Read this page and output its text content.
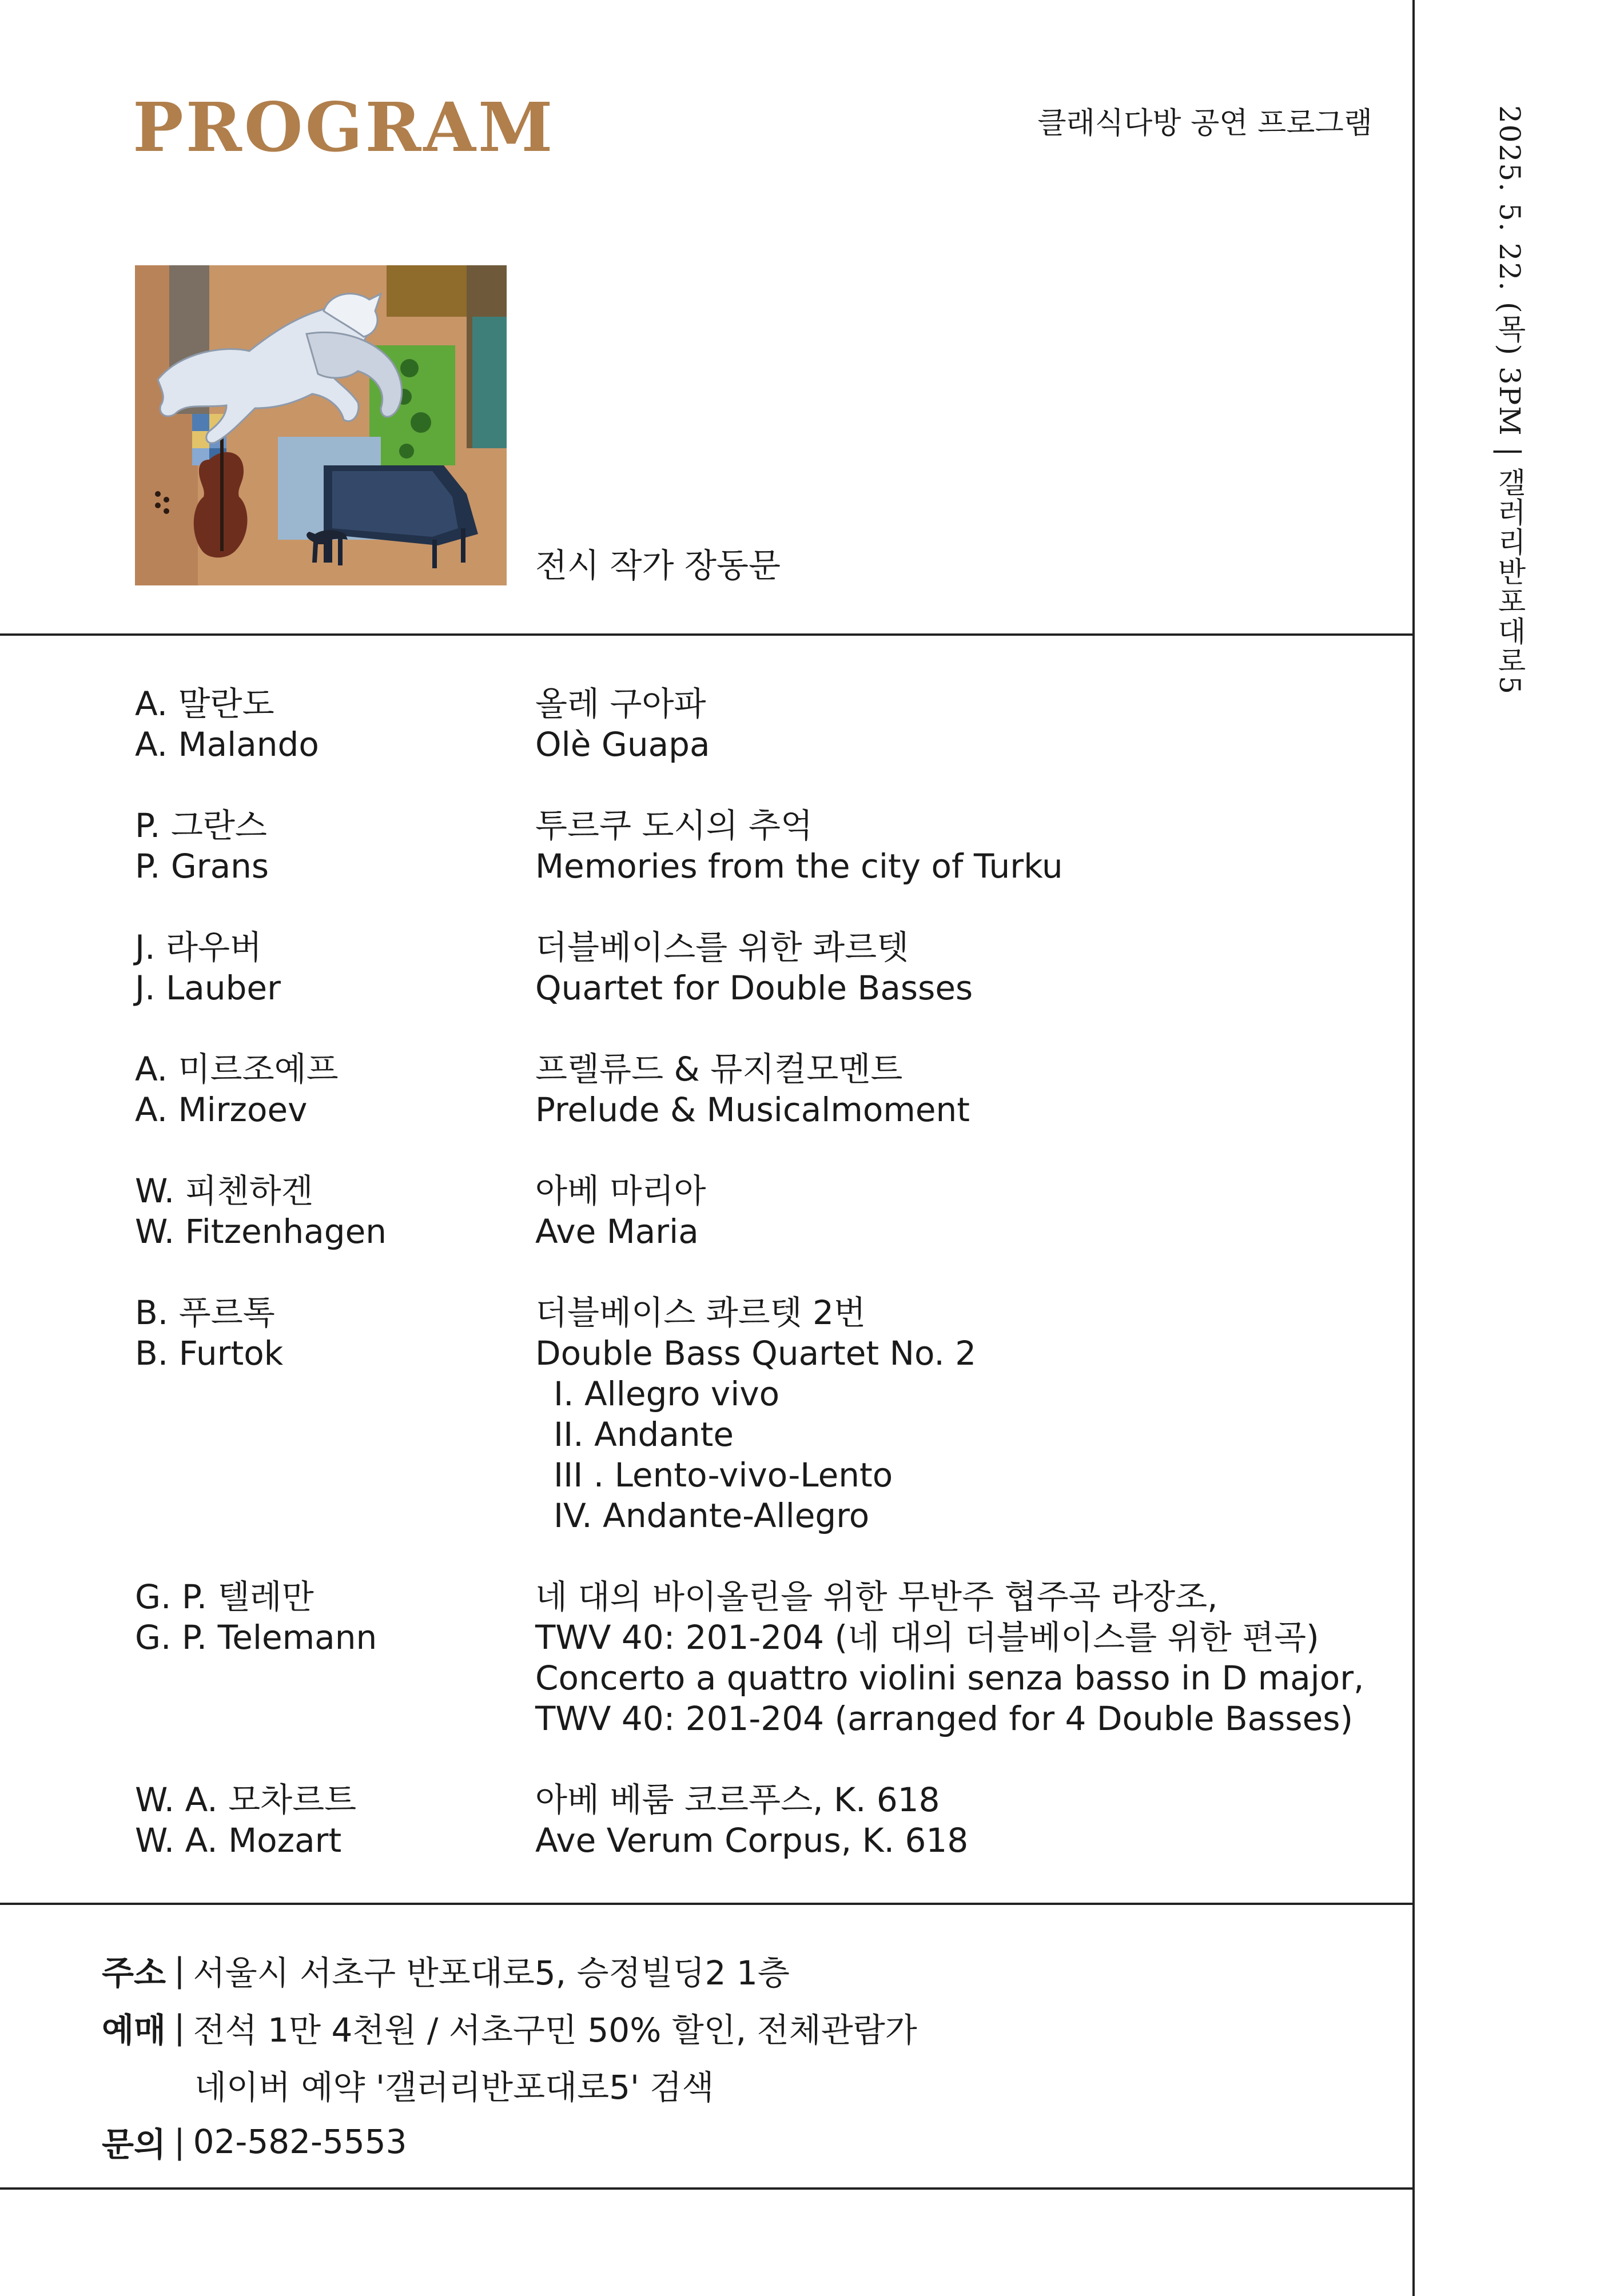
PROGRAM	클래식다방 공연 프로그램	2025. 5. 22. (목) 3PM | 갤러리반포대로5
전시 작가 장동문
A. 말란도
A. Malando
올레 구아파
Olè Guapa
P. 그란스
P. Grans
투르쿠 도시의 추억
Memories from the city of Turku
J. 라우버
J. Lauber
더블베이스를 위한 콰르텟
Quartet for Double Basses
A. 미르조예프
A. Mirzoev
프렐류드 & 뮤지컬모멘트
Prelude & Musicalmoment
W. 피첸하겐
W. Fitzenhagen
아베 마리아
Ave Maria
B. 푸르톡
B. Furtok
더블베이스 콰르텟 2번
Double Bass Quartet No. 2
I. Allegro vivo
II. Andante
III . Lento-vivo-Lento
IV. Andante-Allegro
G. P. 텔레만
G. P. Telemann
네 대의 바이올린을 위한 무반주 협주곡 라장조,
TWV 40: 201-204 (네 대의 더블베이스를 위한 편곡)
Concerto a quattro violini senza basso in D major,
TWV 40: 201-204 (arranged for 4 Double Basses)
W. A. 모차르트
W. A. Mozart
아베 베룸 코르푸스, K. 618
Ave Verum Corpus, K. 618
주소 | 서울시 서초구 반포대로5, 승정빌딩2 1층
예매 | 전석 1만 4천원 / 서초구민 50% 할인, 전체관람가
네이버 예약 '갤러리반포대로5' 검색
문의 | 02-582-5553
